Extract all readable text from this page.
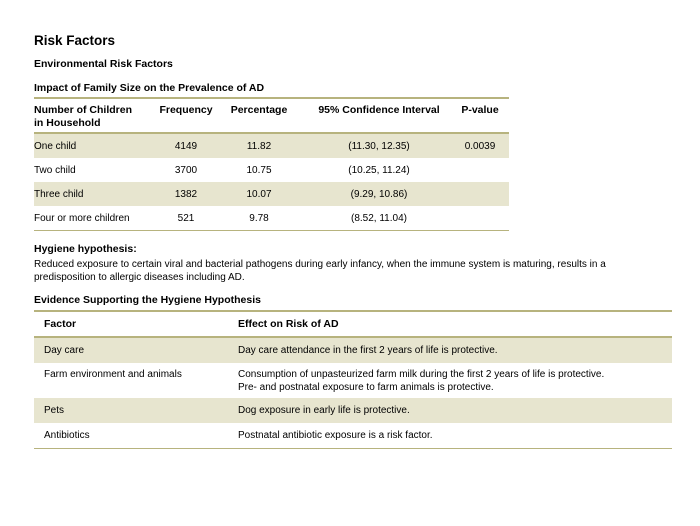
Risk Factors
Environmental Risk Factors
Impact of Family Size on the Prevalence of AD
Number of Children in Household
Frequency	Percentage	95% Confidence Interval	P-value
One child	4149	11.82	(11.30, 12.35)	0.0039
Two child	3700	10.75	(10.25, 11.24)
Three child	1382	10.07	(9.29, 10.86)
Four or more children	521	9.78	(8.52, 11.04)
Hygiene hypothesis:
Reduced exposure to certain viral and bacterial pathogens during early infancy, when the immune system is maturing, results in a predisposition to allergic diseases including AD.
Evidence Supporting the Hygiene Hypothesis
Factor	Effect on Risk of AD
Day care	Day care attendance in the first 2 years of life is protective.
Farm environment and animals	Consumption of unpasteurized farm milk during the first 2 years of life is protective.
Pre- and postnatal exposure to farm animals is protective.
Pets	Dog exposure in early life is protective.
Antibiotics	Postnatal antibiotic exposure is a risk factor.
